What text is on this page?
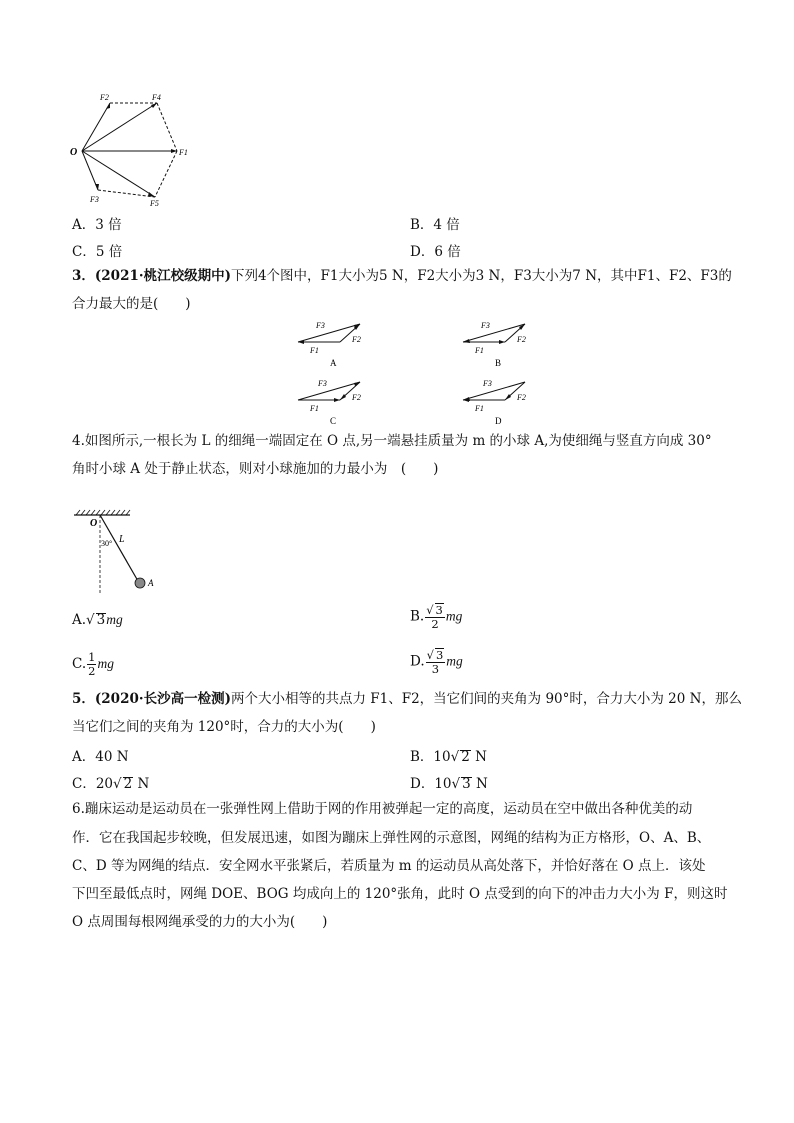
O
F2	F4
F1
F3	F5
A．3 倍	B．4 倍
C．5 倍	D．6 倍
3．(2021·桃江校级期中)下列4个图中，F1大小为5 N，F2大小为3 N，F3大小为7 N，其中F1、F2、F3的
合力最大的是(　　)
F3
F1
F2
A
F3
F1
F2
B
F3
F1
F2
C
F3
F1
F2
D
4.如图所示,一根长为 L 的细绳一端固定在 O 点,另一端悬挂质量为 m 的小球 A,为使细绳与竖直方向成 30°
角时小球 A 处于静止状态，则对小球施加的力最小为　(　　)
O
30° L
A
A.√ 3mg	B. $\frac{√ 3}{2}$ mg
C. $\frac{1}{2}$ mg	D. $\frac{√ 3}{3}$ mg
5．(2020·长沙高一检测)两个大小相等的共点力 F1、F2，当它们间的夹角为 90°时，合力大小为 20 N，那么
当它们之间的夹角为 120°时，合力的大小为(　　)
A．40 N	B．10√ 2 N
C．20√ 2 N	D．10√ 3 N
6.蹦床运动是运动员在一张弹性网上借助于网的作用被弹起一定的高度，运动员在空中做出各种优美的动
作．它在我国起步较晚，但发展迅速，如图为蹦床上弹性网的示意图，网绳的结构为正方格形，O、A、B、
C、D 等为网绳的结点．安全网水平张紧后，若质量为 m 的运动员从高处落下，并恰好落在 O 点上．该处
下凹至最低点时，网绳 DOE、BOG 均成向上的 120°张角，此时 O 点受到的向下的冲击力大小为 F，则这时
O 点周围每根网绳承受的力的大小为(　　)
